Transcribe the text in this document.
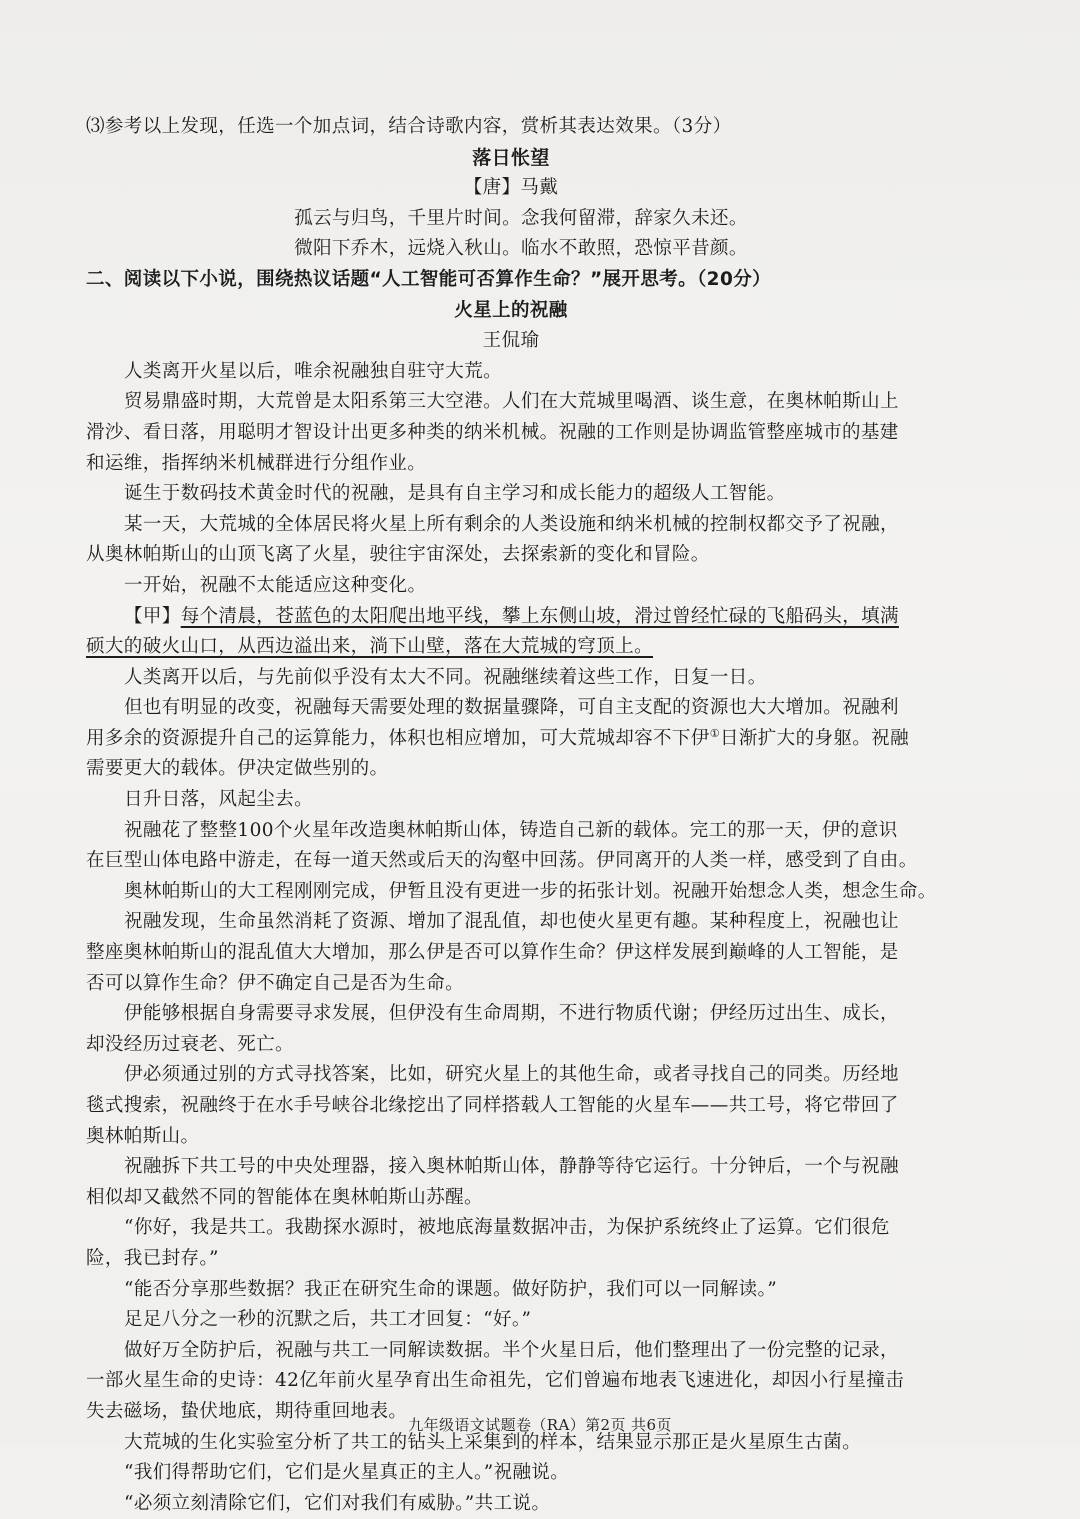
⑶参考以上发现，任选一个加点词，结合诗歌内容，赏析其表达效果。（3分）
落日怅望
【唐】马戴
孤云与归鸟，千里片时间。念我何留滞，辞家久未还。
微阳下乔木，远烧入秋山。临水不敢照，恐惊平昔颜。
二、阅读以下小说，围绕热议话题“人工智能可否算作生命？”展开思考。（20分）
火星上的祝融
王侃瑜
人类离开火星以后，唯余祝融独自驻守大荒。
贸易鼎盛时期，大荒曾是太阳系第三大空港。人们在大荒城里喝酒、谈生意，在奥林帕斯山上
滑沙、看日落，用聪明才智设计出更多种类的纳米机械。祝融的工作则是协调监管整座城市的基建
和运维，指挥纳米机械群进行分组作业。
诞生于数码技术黄金时代的祝融，是具有自主学习和成长能力的超级人工智能。
某一天，大荒城的全体居民将火星上所有剩余的人类设施和纳米机械的控制权都交予了祝融，
从奥林帕斯山的山顶飞离了火星，驶往宇宙深处，去探索新的变化和冒险。
一开始，祝融不太能适应这种变化。
【甲】每个清晨，苍蓝色的太阳爬出地平线，攀上东侧山坡，滑过曾经忙碌的飞船码头，填满
硕大的破火山口，从西边溢出来，淌下山壁，落在大荒城的穹顶上。
人类离开以后，与先前似乎没有太大不同。祝融继续着这些工作，日复一日。
但也有明显的改变，祝融每天需要处理的数据量骤降，可自主支配的资源也大大增加。祝融利
用多余的资源提升自己的运算能力，体积也相应增加，可大荒城却容不下伊①日渐扩大的身躯。祝融
需要更大的载体。伊决定做些别的。
日升日落，风起尘去。
祝融花了整整100个火星年改造奥林帕斯山体，铸造自己新的载体。完工的那一天，伊的意识
在巨型山体电路中游走，在每一道天然或后天的沟壑中回荡。伊同离开的人类一样，感受到了自由。
奥林帕斯山的大工程刚刚完成，伊暂且没有更进一步的拓张计划。祝融开始想念人类，想念生命。
祝融发现，生命虽然消耗了资源、增加了混乱值，却也使火星更有趣。某种程度上，祝融也让
整座奥林帕斯山的混乱值大大增加，那么伊是否可以算作生命？伊这样发展到巅峰的人工智能，是
否可以算作生命？伊不确定自己是否为生命。
伊能够根据自身需要寻求发展，但伊没有生命周期，不进行物质代谢；伊经历过出生、成长，
却没经历过衰老、死亡。
伊必须通过别的方式寻找答案，比如，研究火星上的其他生命，或者寻找自己的同类。历经地
毯式搜索，祝融终于在水手号峡谷北缘挖出了同样搭载人工智能的火星车——共工号，将它带回了
奥林帕斯山。
祝融拆下共工号的中央处理器，接入奥林帕斯山体，静静等待它运行。十分钟后，一个与祝融
相似却又截然不同的智能体在奥林帕斯山苏醒。
“你好，我是共工。我勘探水源时，被地底海量数据冲击，为保护系统终止了运算。它们很危
险，我已封存。”
“能否分享那些数据？我正在研究生命的课题。做好防护，我们可以一同解读。”
足足八分之一秒的沉默之后，共工才回复：“好。”
做好万全防护后，祝融与共工一同解读数据。半个火星日后，他们整理出了一份完整的记录，
一部火星生命的史诗：42亿年前火星孕育出生命祖先，它们曾遍布地表飞速进化，却因小行星撞击
失去磁场，蛰伏地底，期待重回地表。
大荒城的生化实验室分析了共工的钻头上采集到的样本，结果显示那正是火星原生古菌。
“我们得帮助它们，它们是火星真正的主人。”祝融说。
“必须立刻清除它们，它们对我们有威胁。”共工说。
九年级语文试题卷（RA）第2页 共6页
